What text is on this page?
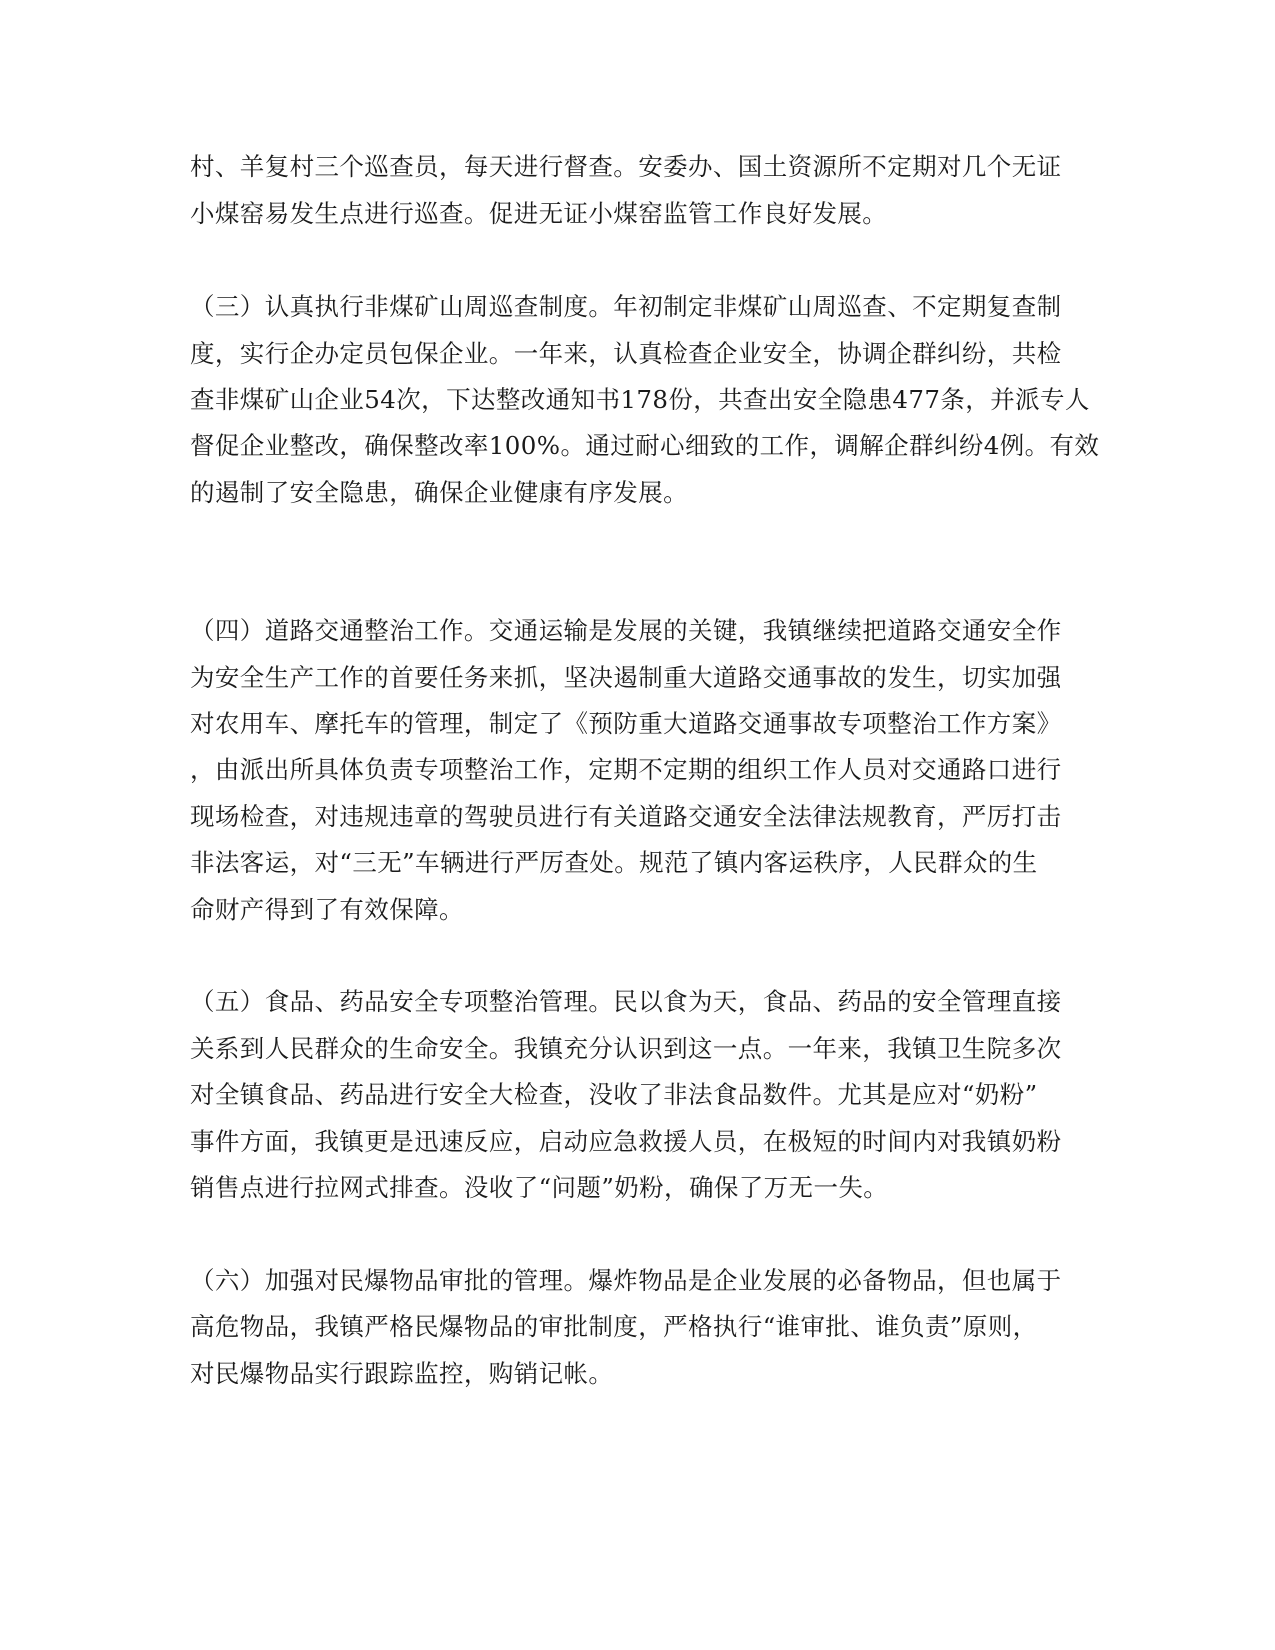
村、羊复村三个巡查员，每天进行督查。安委办、国土资源所不定期对几个无证
小煤窑易发生点进行巡查。促进无证小煤窑监管工作良好发展。
（三）认真执行非煤矿山周巡查制度。年初制定非煤矿山周巡查、不定期复查制
度，实行企办定员包保企业。一年来，认真检查企业安全，协调企群纠纷，共检
查非煤矿山企业54次，下达整改通知书178份，共查出安全隐患477条，并派专人
督促企业整改，确保整改率100%。通过耐心细致的工作，调解企群纠纷4例。有效
的遏制了安全隐患，确保企业健康有序发展。
（四）道路交通整治工作。交通运输是发展的关键，我镇继续把道路交通安全作
为安全生产工作的首要任务来抓，坚决遏制重大道路交通事故的发生，切实加强
对农用车、摩托车的管理，制定了《预防重大道路交通事故专项整治工作方案》
，由派出所具体负责专项整治工作，定期不定期的组织工作人员对交通路口进行
现场检查，对违规违章的驾驶员进行有关道路交通安全法律法规教育，严厉打击
非法客运，对“三无”车辆进行严厉查处。规范了镇内客运秩序，人民群众的生
命财产得到了有效保障。
（五）食品、药品安全专项整治管理。民以食为天，食品、药品的安全管理直接
关系到人民群众的生命安全。我镇充分认识到这一点。一年来，我镇卫生院多次
对全镇食品、药品进行安全大检查，没收了非法食品数件。尤其是应对“奶粉”
事件方面，我镇更是迅速反应，启动应急救援人员，在极短的时间内对我镇奶粉
销售点进行拉网式排查。没收了“问题”奶粉，确保了万无一失。
（六）加强对民爆物品审批的管理。爆炸物品是企业发展的必备物品，但也属于
高危物品，我镇严格民爆物品的审批制度，严格执行“谁审批、谁负责”原则，
对民爆物品实行跟踪监控，购销记帐。
